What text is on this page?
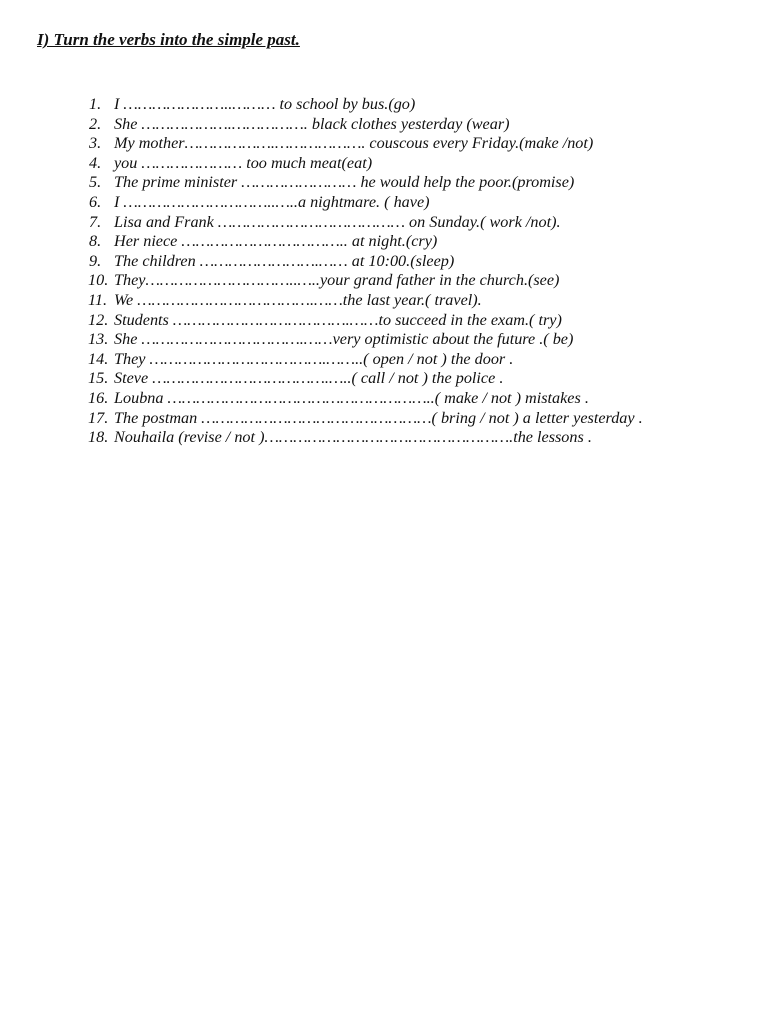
I) Turn the verbs into the simple past.
1. I …………………..……… to school by bus.(go)
2. She ……………….……………. black clothes yesterday (wear)
3. My mother……………….………………. couscous every Friday.(make /not)
4. you ………………… too much meat(eat)
5. The prime minister …………………… he would help the poor.(promise)
6. I …………………………..…..a nightmare. ( have)
7. Lisa and Frank ………………………………… on Sunday.( work /not).
8. Her niece …………………………….. at night.(cry)
9. The children …………………….…… at 10:00.(sleep)
10. They…………………………..…..your grand father in the church.(see)
11. We ……………………………….……the last year.( travel).
12. Students ……………………………….……to succeed in the exam.( try)
13. She …………………………….……very optimistic about the future .( be)
14. They ……………………………….……..( open / not ) the door .
15. Steve ……………………………….…..( call / not ) the police .
16. Loubna ………………………………………………..( make / not ) mistakes .
17. The postman …………………………………………( bring / not ) a letter yesterday .
18. Nouhaila (revise / not )…………………………………………….the lessons .
